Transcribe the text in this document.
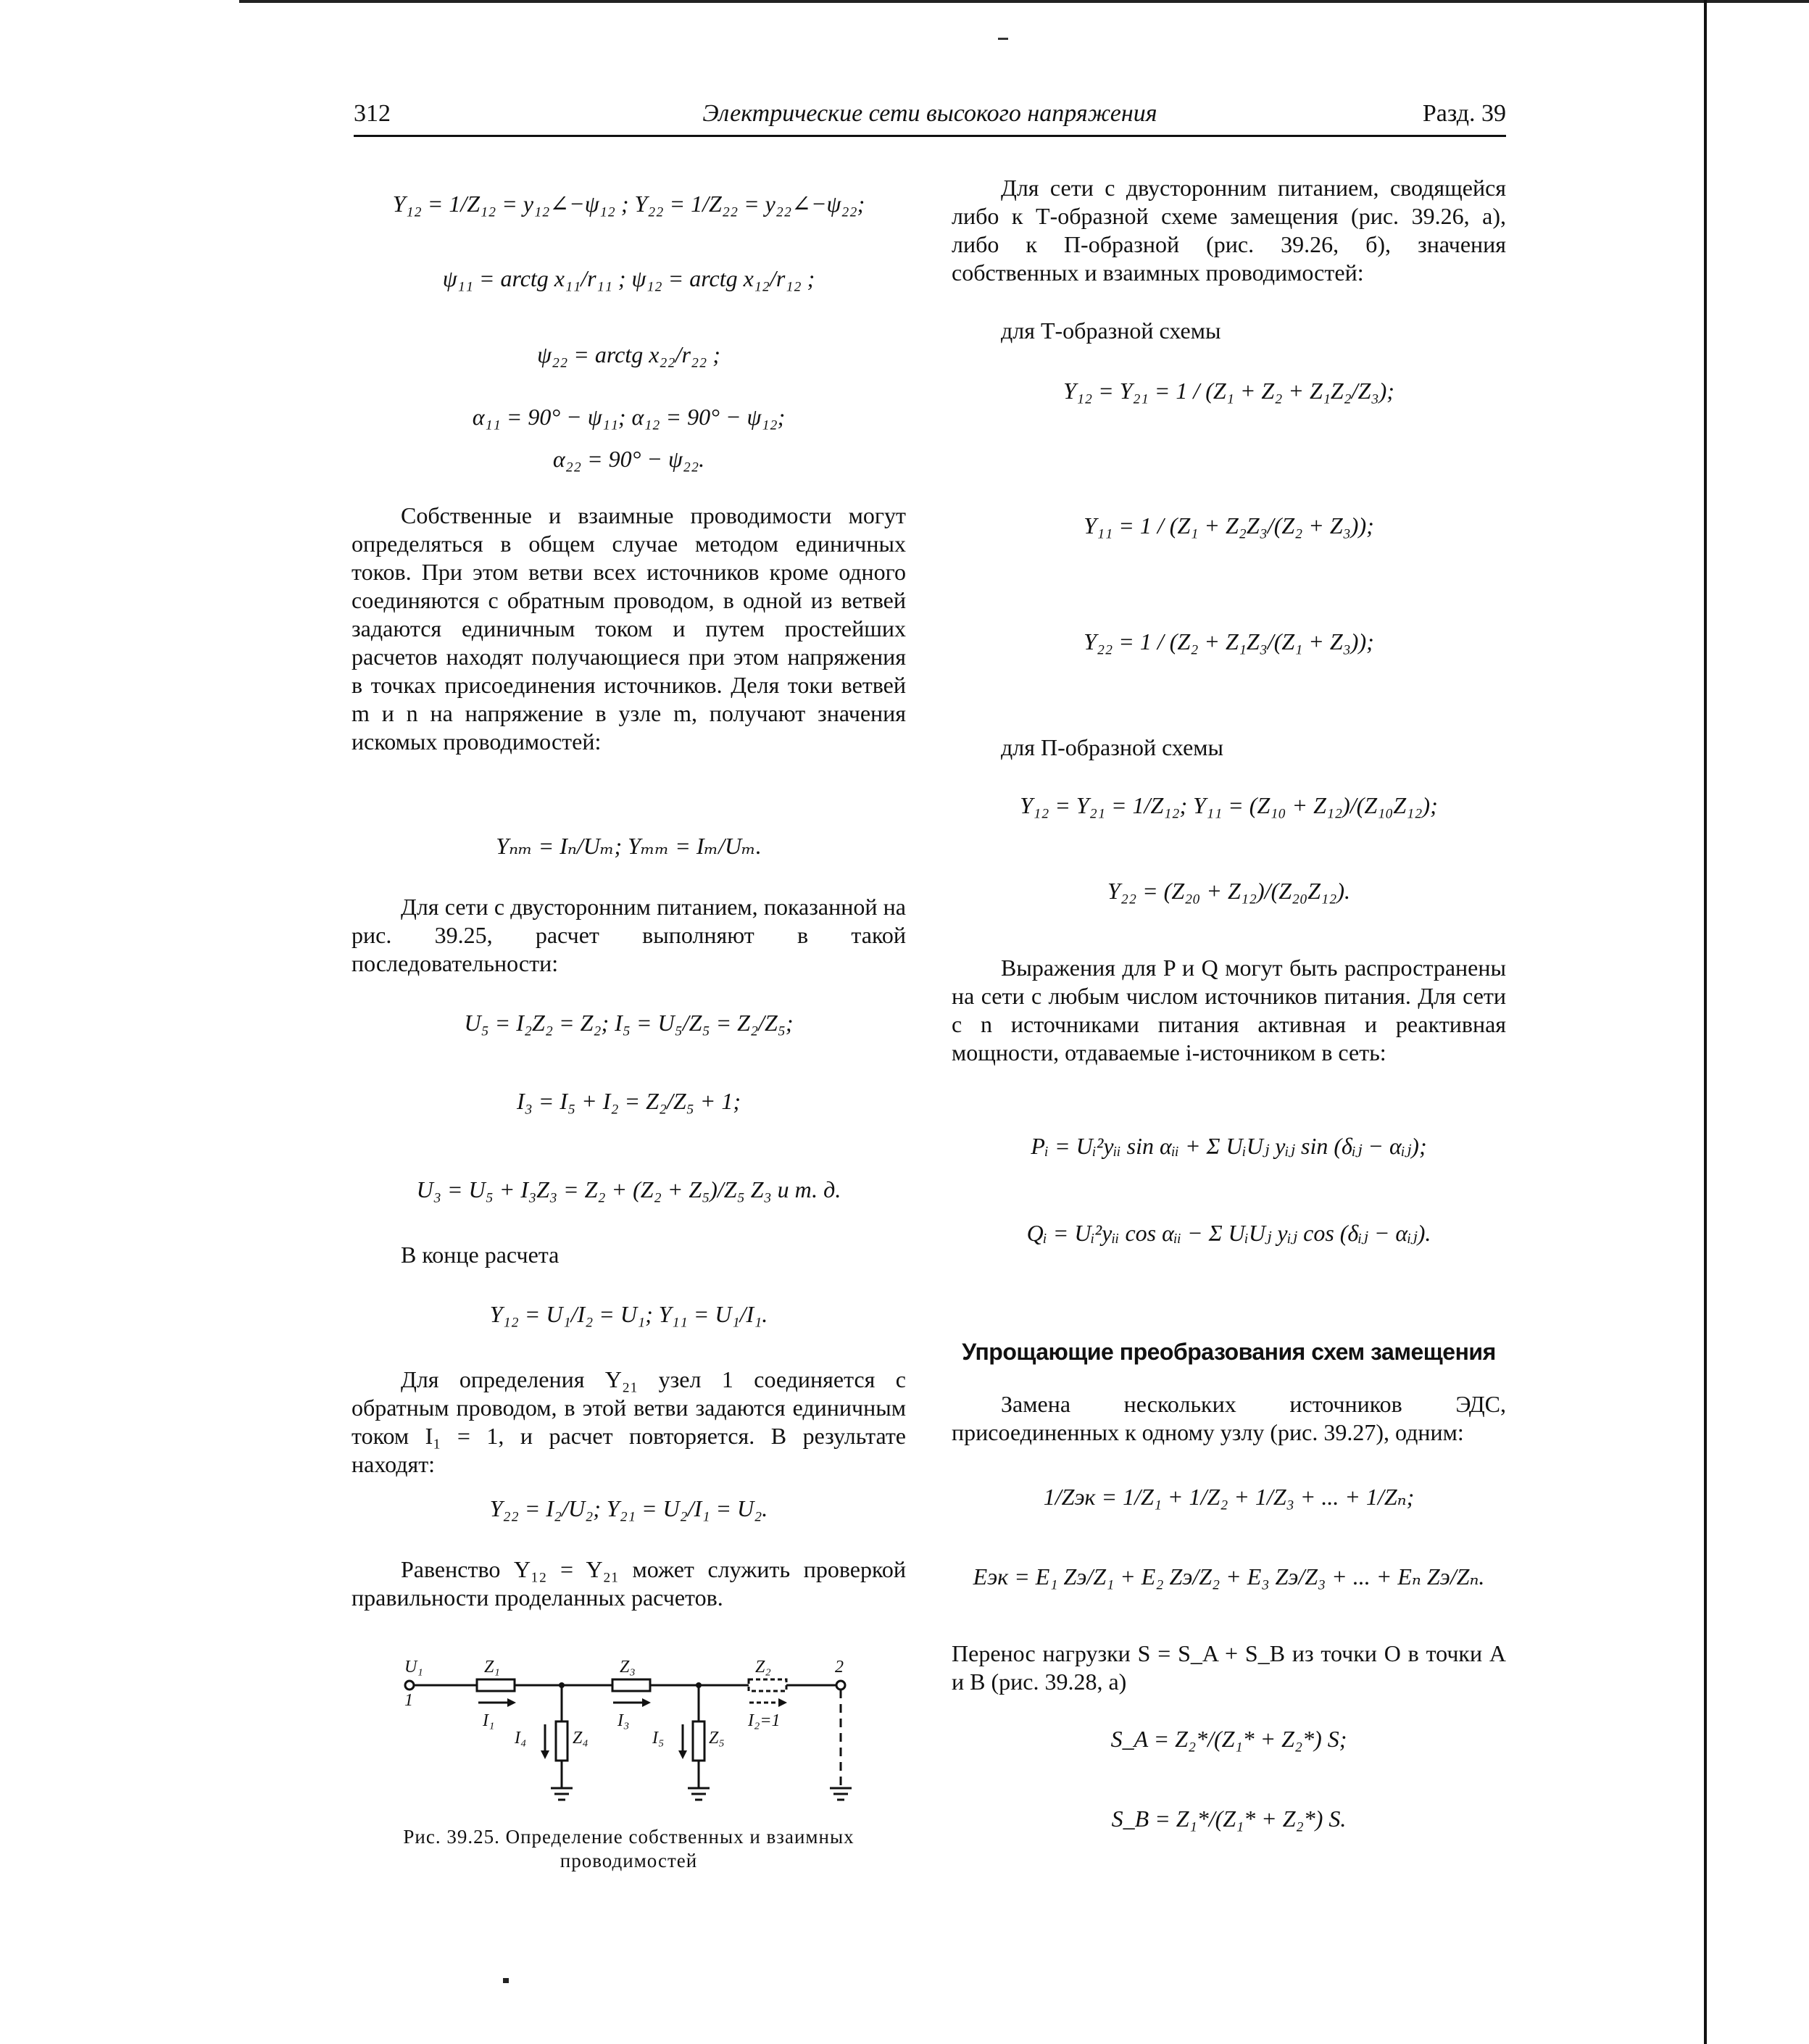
312	Электрические сети высокого напряжения	Разд. 39
Y₁₂ = 1/Z₁₂ = y₁₂∠−ψ₁₂ ; Y₂₂ = 1/Z₂₂ = y₂₂∠−ψ₂₂;
ψ₁₁ = arctg x₁₁/r₁₁ ; ψ₁₂ = arctg x₁₂/r₁₂ ;
ψ₂₂ = arctg x₂₂/r₂₂ ;
α₁₁ = 90° − ψ₁₁; α₁₂ = 90° − ψ₁₂;
α₂₂ = 90° − ψ₂₂.

Собственные и взаимные проводимости могут определяться в общем случае методом единичных токов. При этом ветви всех источников кроме одного соединяются с обратным проводом, в одной из ветвей задаются единичным током и путем простейших расчетов находят получающиеся при этом напряжения в точках присоединения источников. Деля токи ветвей m и n на напряжение в узле m, получают значения искомых проводимостей:

Yₙₘ = Iₙ/Uₘ; Yₘₘ = Iₘ/Uₘ.

Для сети с двусторонним питанием, показанной на рис. 39.25, расчет выполняют в такой последовательности:

U₅ = I₂Z₂ = Z₂; I₅ = U₅/Z₅ = Z₂/Z₅;
I₃ = I₅ + I₂ = Z₂/Z₅ + 1;
U₃ = U₅ + I₃Z₃ = Z₂ + (Z₂ + Z₅)/Z₅ Z₃ и т. д.

В конце расчета

Y₁₂ = U₁/I₂ = U₁; Y₁₁ = U₁/I₁.

Для определения Y₂₁ узел 1 соединяется с обратным проводом, в этой ветви задаются единичным током I₁ = 1, и расчет повторяется. В результате находят:

Y₂₂ = I₂/U₂; Y₂₁ = U₂/I₁ = U₂.

Равенство Y₁₂ = Y₂₁ может служить проверкой правильности проделанных расчетов.

Рис. 39.25. Определение собственных и взаимных проводимостей
U₁	Z₁	Z₃	Z₂	2
1
I₁
I₄	Z₄
I₃
I₅	Z₅
I₂=1

Для сети с двусторонним питанием, сводящейся либо к Т-образной схеме замещения (рис. 39.26, а), либо к П-образной (рис. 39.26, б), значения собственных и взаимных проводимостей:

для Т-образной схемы

Y₁₂ = Y₂₁ = 1 / (Z₁ + Z₂ + Z₁Z₂/Z₃);
Y₁₁ = 1 / (Z₁ + Z₂Z₃/(Z₂ + Z₃));
Y₂₂ = 1 / (Z₂ + Z₁Z₃/(Z₁ + Z₃));

для П-образной схемы

Y₁₂ = Y₂₁ = 1/Z₁₂; Y₁₁ = (Z₁₀ + Z₁₂)/(Z₁₀Z₁₂);
Y₂₂ = (Z₂₀ + Z₁₂)/(Z₂₀Z₁₂).

Выражения для P и Q могут быть распространены на сети с любым числом источников питания. Для сети с n источниками питания активная и реактивная мощности, отдаваемые i-источником в сеть:

Pᵢ = Uᵢ²yᵢᵢ sin αᵢᵢ + Σ UᵢUⱼ yᵢⱼ sin (δᵢⱼ − αᵢⱼ);
Qᵢ = Uᵢ²yᵢᵢ cos αᵢᵢ − Σ UᵢUⱼ yᵢⱼ cos (δᵢⱼ − αᵢⱼ).
Упрощающие преобразования схем замещения

Замена нескольких источников ЭДС, присоединенных к одному узлу (рис. 39.27), одним:

1/Zэк = 1/Z₁ + 1/Z₂ + 1/Z₃ + ... + 1/Zₙ;
Eэк = E₁ Zэ/Z₁ + E₂ Zэ/Z₂ + E₃ Zэ/Z₃ + ... + Eₙ Zэ/Zₙ.

Перенос нагрузки S = S_A + S_B из точки O в точки A и B (рис. 39.28, а)

S_A = Z₂*/(Z₁* + Z₂*) S;
S_B = Z₁*/(Z₁* + Z₂*) S.
